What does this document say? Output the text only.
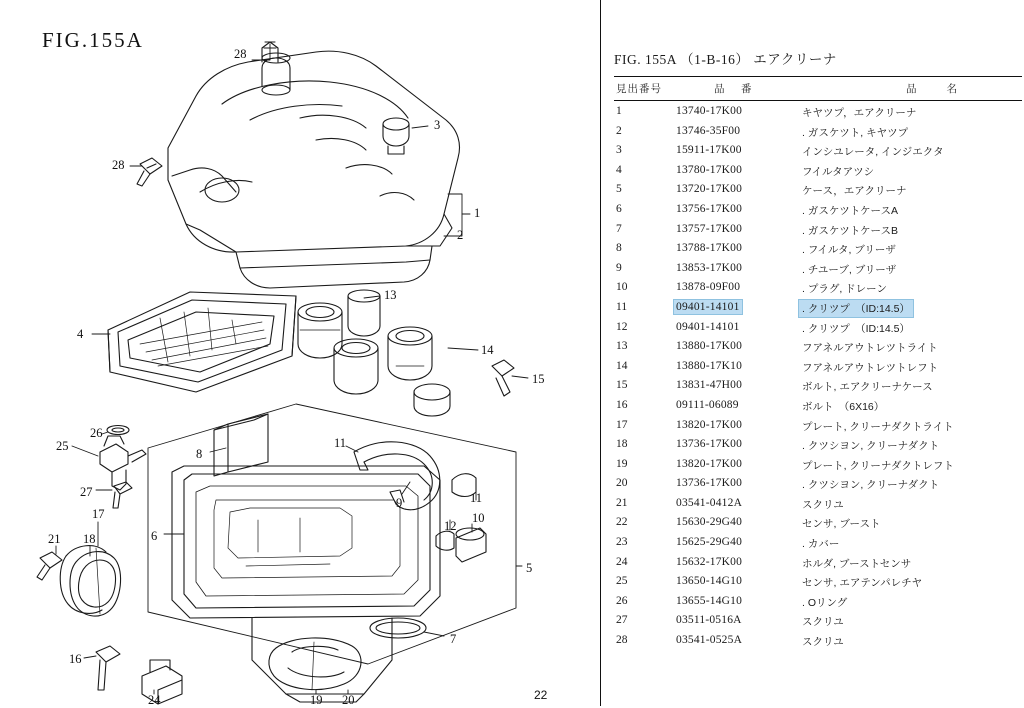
FIG.155A
22
28
3
28
1
2
13
4
14
15
26
11
25
8
27
9	11
17
12
10
6
21 18
5
7
16
24	19 20
FIG. 155A （1-B-16） エアクリーナ
見出番号	品　番	品　　名
1	13740-17K00	キヤツプ，エアクリーナ
2	13746-35F00	. ガスケツト, キヤツプ
3	15911-17K00	インシユレータ, インジエクタ
4	13780-17K00	フイルタアツシ
5	13720-17K00	ケース，エアクリーナ
6	13756-17K00	. ガスケツトケースA
7	13757-17K00	. ガスケツトケースB
8	13788-17K00	. フイルタ, ブリーザ
9	13853-17K00	. チユーブ, ブリーザ
10	13878-09F00	. プラグ, ドレーン
11	09401-14101	. クリツプ　（ID:14.5）
12	09401-14101	. クリツプ　（ID:14.5）
13	13880-17K00	フアネルアウトレツトライト
14	13880-17K10	フアネルアウトレツトレフト
15	13831-47H00	ボルト, エアクリーナケース
16	09111-06089	ボルト　（6X16）
17	13820-17K00	プレート, クリーナダクトライト
18	13736-17K00	. クツシヨン, クリーナダクト
19	13820-17K00	プレート, クリーナダクトレフト
20	13736-17K00	. クツシヨン, クリーナダクト
21	03541-0412A	スクリユ
22	15630-29G40	センサ, ブースト
23	15625-29G40	. カバー
24	15632-17K00	ホルダ, ブーストセンサ
25	13650-14G10	センサ, エアテンパレチヤ
26	13655-14G10	. Oリング
27	03511-0516A	スクリユ
28	03541-0525A	スクリユ
